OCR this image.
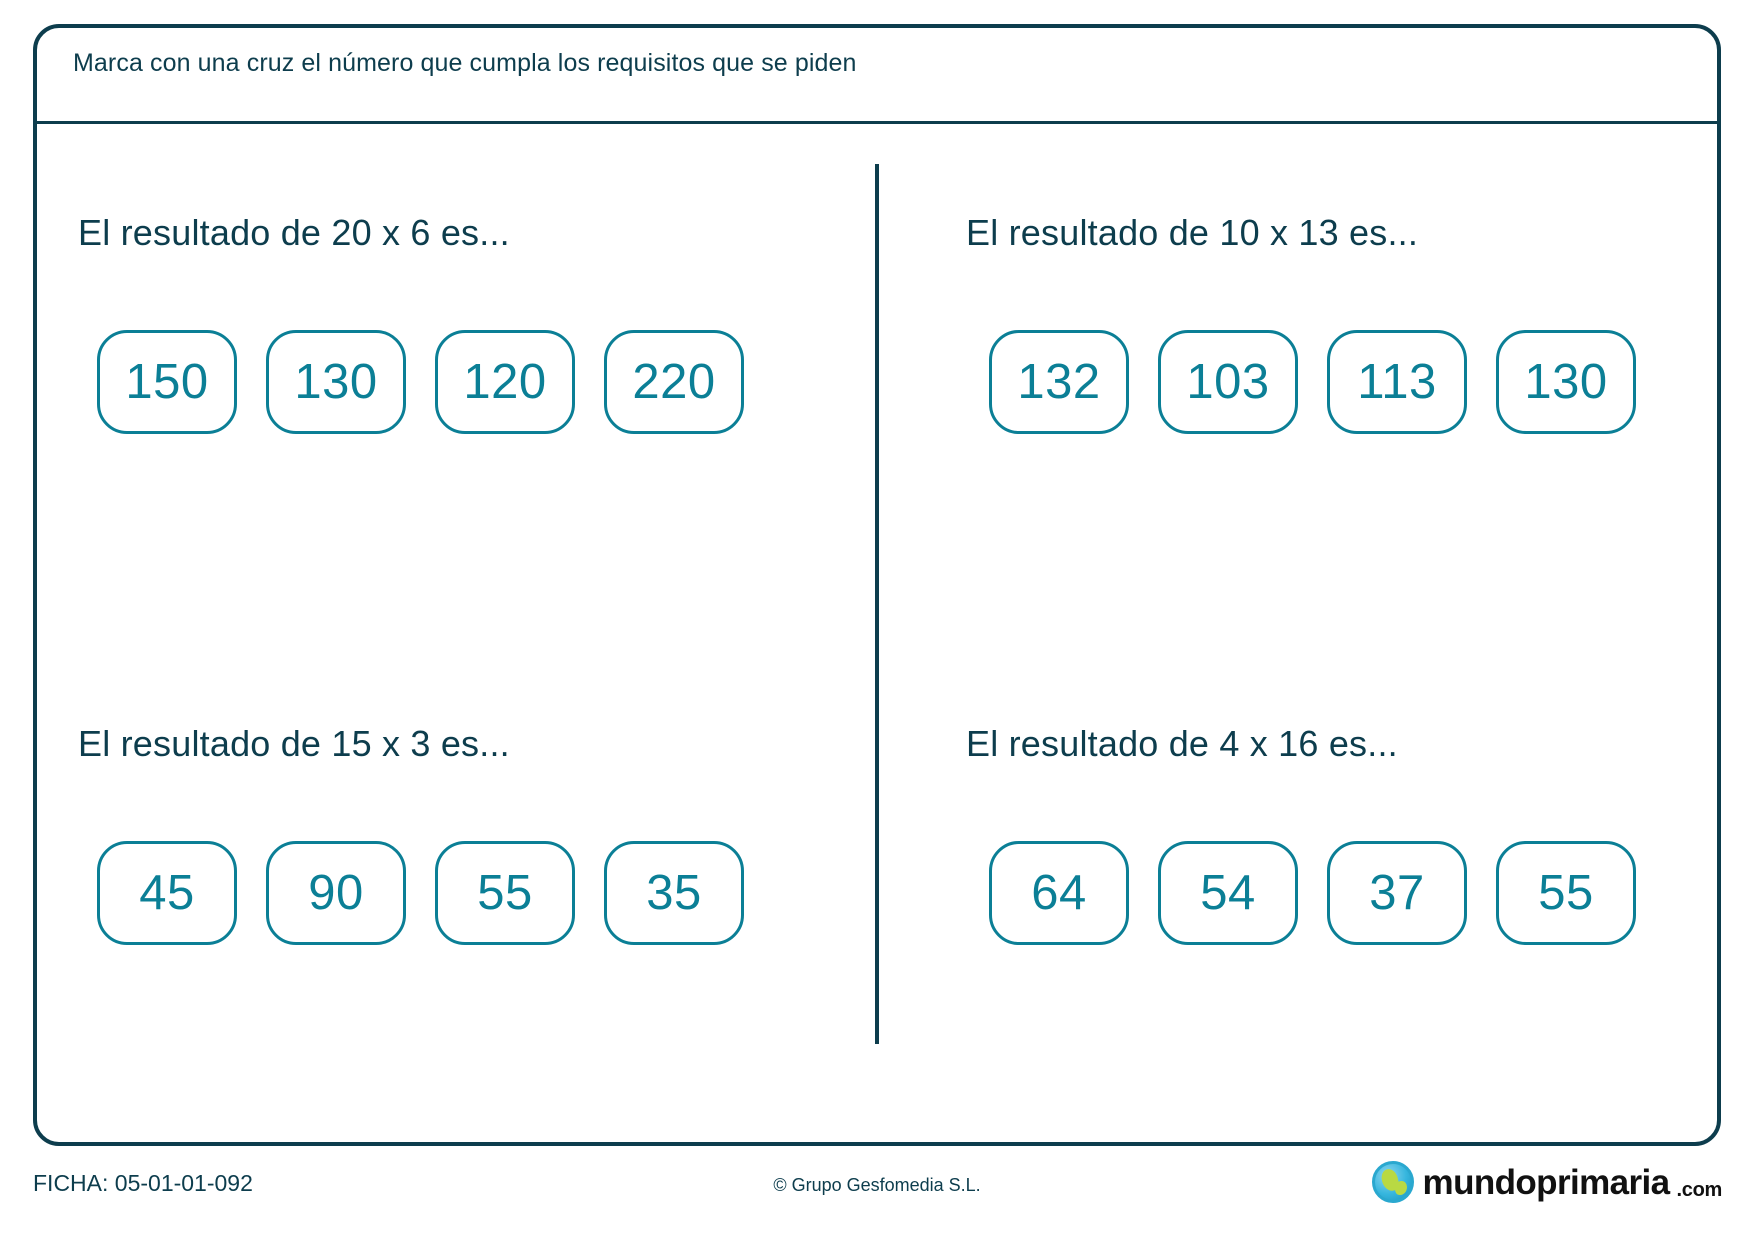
Marca con una cruz el número que cumpla los requisitos que se piden
El resultado de 20 x 6 es...
150 130 120 220
El resultado de 10 x 13 es...
132 103 113 130
El resultado de 15 x 3 es...
45 90 55 35
El resultado de 4 x 16 es...
64 54 37 55
FICHA: 05-01-01-092	© Grupo Gesfomedia S.L.	mundoprimaria .com
